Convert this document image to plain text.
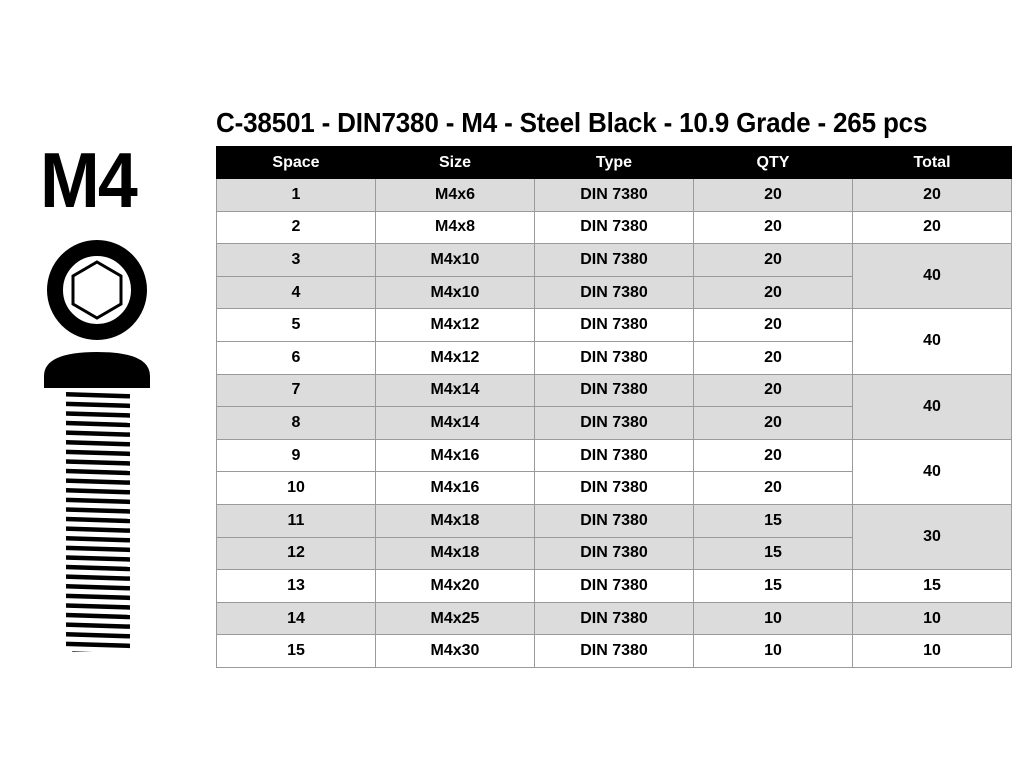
C-38501 - DIN7380 - M4 - Steel Black - 10.9 Grade - 265 pcs
M4	Space	Size	Type	QTY	Total
1	M4x6	DIN 7380	20	20
2	M4x8	DIN 7380	20	20
3	M4x10	DIN 7380	20	40
4	M4x10	DIN 7380	20	
5	M4x12	DIN 7380	20	40
6	M4x12	DIN 7380	20	
7	M4x14	DIN 7380	20	40
8	M4x14	DIN 7380	20	
9	M4x16	DIN 7380	20	40
10	M4x16	DIN 7380	20	
11	M4x18	DIN 7380	15	30
12	M4x18	DIN 7380	15	
13	M4x20	DIN 7380	15	15
14	M4x25	DIN 7380	10	10
15	M4x30	DIN 7380	10	10
